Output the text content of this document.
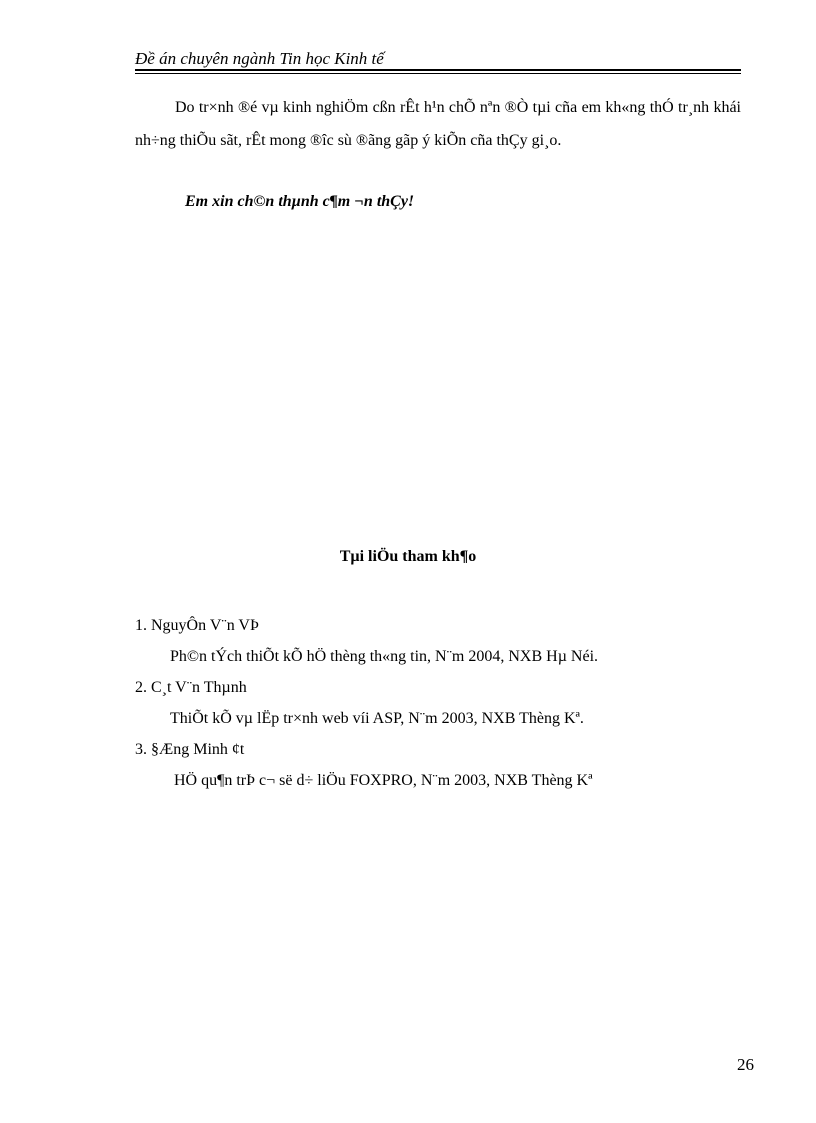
Đề án chuyên ngành Tin học Kinh tế
Do tr×nh ®é vµ kinh nghiÖm cßn rÊt h¹n chÕ nªn ®Ò tµi cña em kh«ng thÓ tr¸nh khái nh÷ng thiÕu sãt, rÊt mong ®îc sù ®ãng gãp ý kiÕn cña thÇy gi¸o.
Em xin ch©n thµnh c¶m ¬n thÇy!
Tµi liÖu tham kh¶o
1. NguyÔn V¨n VÞ
Ph©n tÝch thiÕt kÕ hÖ thèng th«ng tin, N¨m 2004, NXB Hµ Néi.
2. C¸t V¨n Thµnh
ThiÕt kÕ vµ lËp tr×nh web víi ASP, N¨m 2003, NXB Thèng Kª.
3. §Æng Minh ¢t
HÖ qu¶n trÞ c¬ së d÷ liÖu FOXPRO, N¨m 2003, NXB Thèng Kª
26
